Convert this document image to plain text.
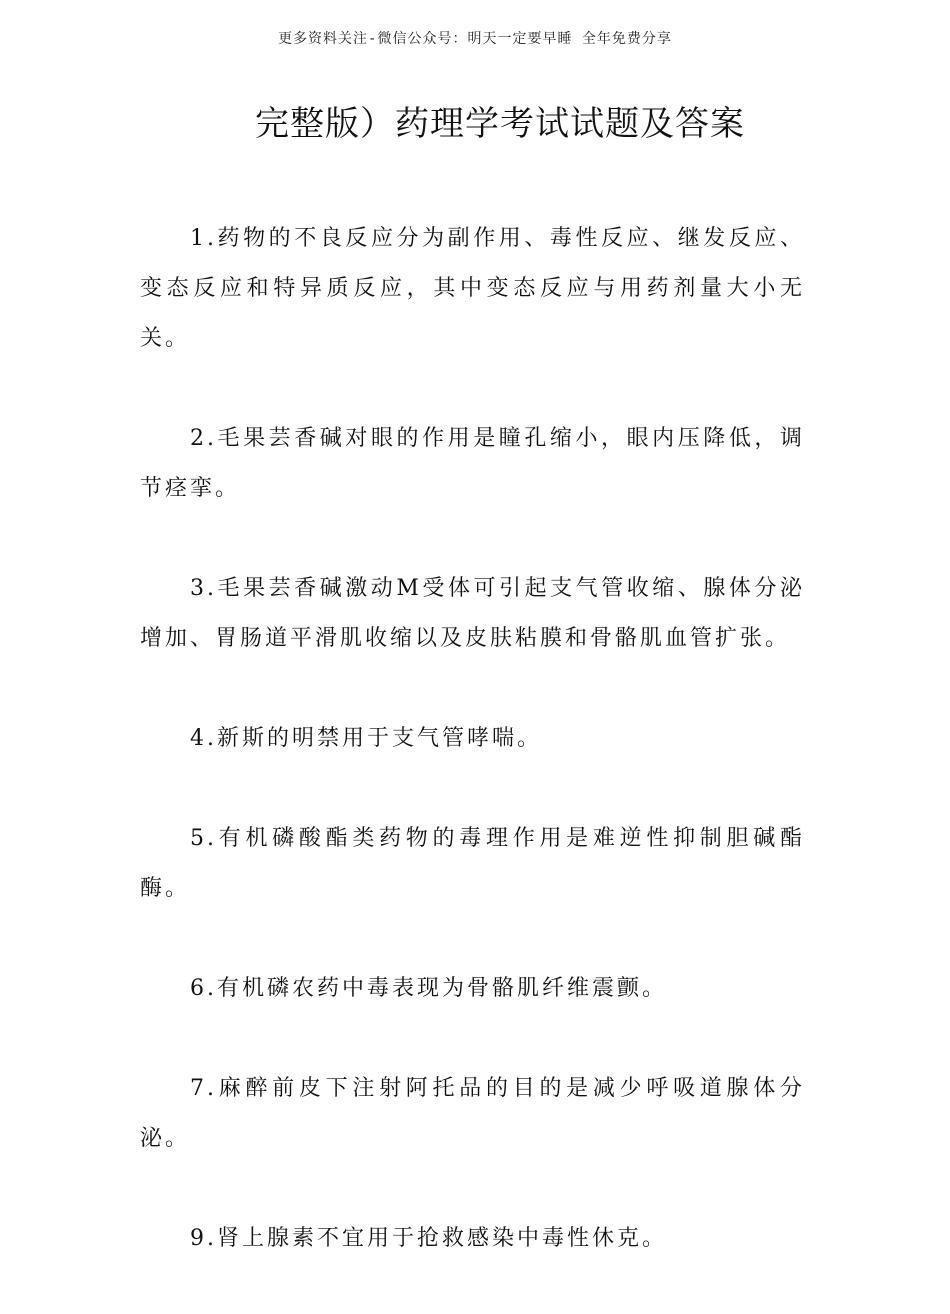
更多资料关注-微信公众号：明天一定要早睡 全年免费分享
完整版）药理学考试试题及答案

1.药物的不良反应分为副作用、毒性反应、继发反应、变态反应和特异质反应，其中变态反应与用药剂量大小无关。

2.毛果芸香碱对眼的作用是瞳孔缩小，眼内压降低，调节痉挛。

3.毛果芸香碱激动M受体可引起支气管收缩、腺体分泌增加、胃肠道平滑肌收缩以及皮肤粘膜和骨骼肌血管扩张。

4.新斯的明禁用于支气管哮喘。

5.有机磷酸酯类药物的毒理作用是难逆性抑制胆碱酯酶。

6.有机磷农药中毒表现为骨骼肌纤维震颤。

7.麻醉前皮下注射阿托品的目的是减少呼吸道腺体分泌。

9.肾上腺素不宜用于抢救感染中毒性休克。
